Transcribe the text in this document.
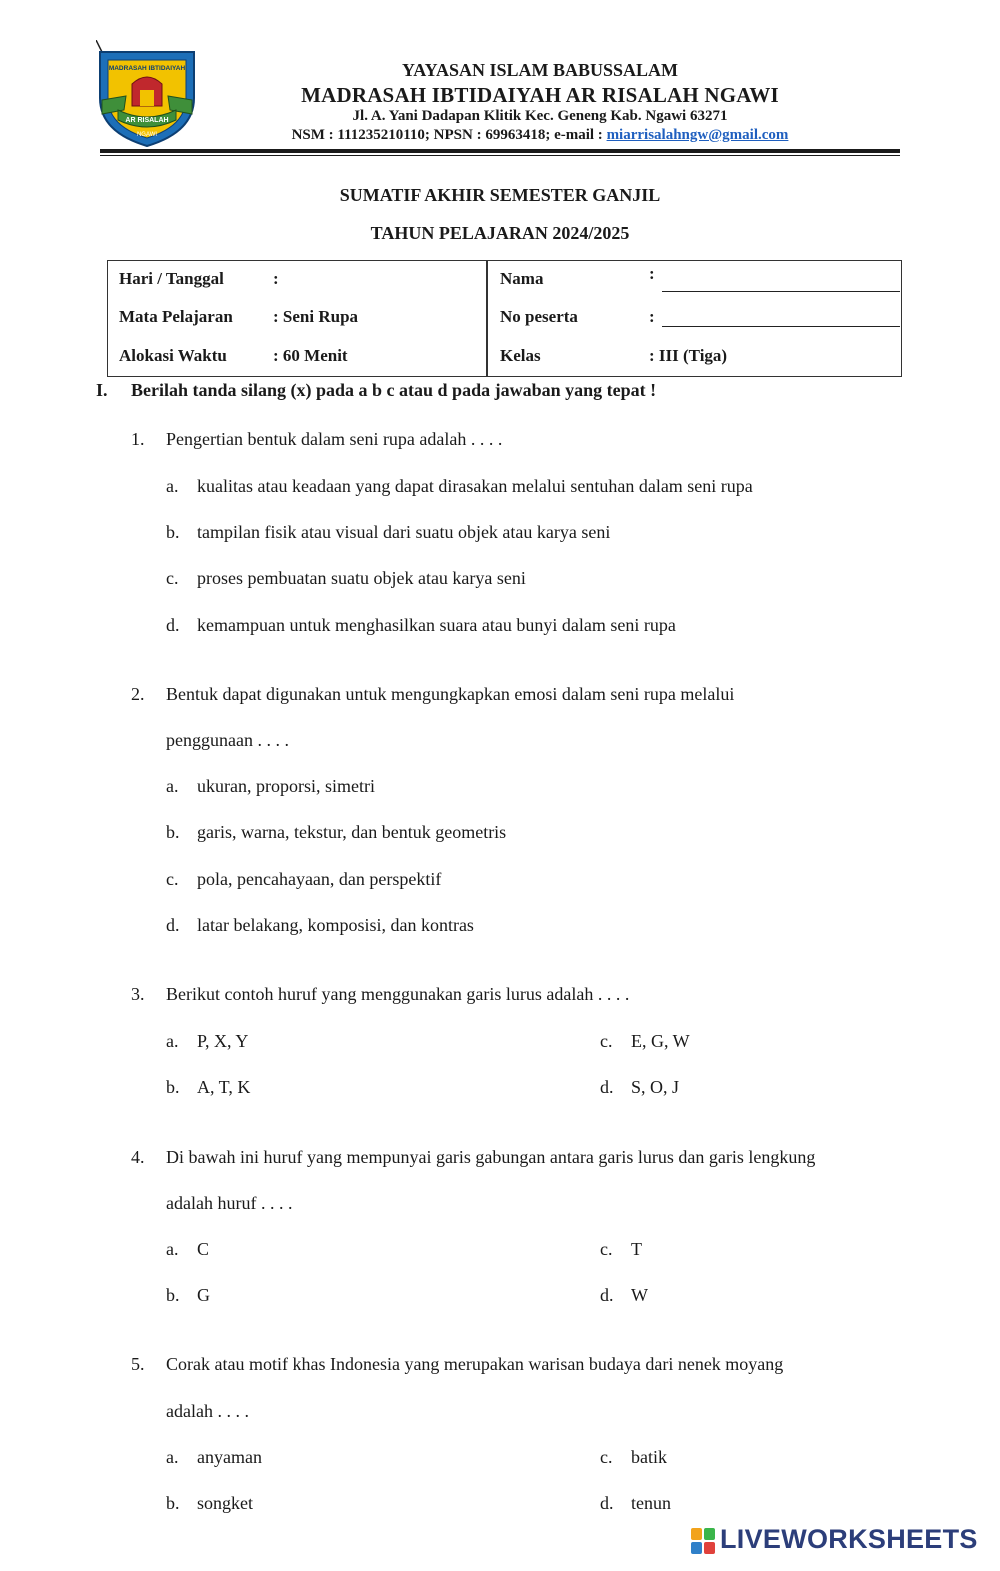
AR RISALAH
MADRASAH IBTIDAIYAH
NGAWI
YAYASAN ISLAM BABUSSALAM
MADRASAH IBTIDAIYAH AR RISALAH NGAWI
Jl. A. Yani Dadapan Klitik Kec. Geneng Kab. Ngawi 63271
NSM : 111235210110; NPSN : 69963418; e-mail : miarrisalahngw@gmail.com
SUMATIF AKHIR SEMESTER GANJIL
TAHUN PELAJARAN 2024/2025
Hari / Tanggal	:
Mata Pelajaran : Seni Rupa
Alokasi Waktu	: 60 Menit
Nama	:
No peserta	:
Kelas	: III (Tiga)
I. Berilah tanda silang (x) pada a b c atau d pada jawaban yang tepat !
1. Pengertian bentuk dalam seni rupa adalah . . . .
a. kualitas atau keadaan yang dapat dirasakan melalui sentuhan dalam seni rupa
b. tampilan fisik atau visual dari suatu objek atau karya seni
c. proses pembuatan suatu objek atau karya seni
d. kemampuan untuk menghasilkan suara atau bunyi dalam seni rupa
2. Bentuk dapat digunakan untuk mengungkapkan emosi dalam seni rupa melalui
penggunaan . . . .
a. ukuran, proporsi, simetri
b. garis, warna, tekstur, dan bentuk geometris
c. pola, pencahayaan, dan perspektif
d. latar belakang, komposisi, dan kontras
3. Berikut contoh huruf yang menggunakan garis lurus adalah . . . .
a. P, X, Y
b. A, T, K
c. E, G, W
d. S, O, J
4. Di bawah ini huruf yang mempunyai garis gabungan antara garis lurus dan garis lengkung
adalah huruf . . . .
a. C
b. G
c. T
d. W
5. Corak atau motif khas Indonesia yang merupakan warisan budaya dari nenek moyang
adalah . . . .
a. anyaman
b. songket
c. batik
d. tenun
LIVEWORKSHEETS
